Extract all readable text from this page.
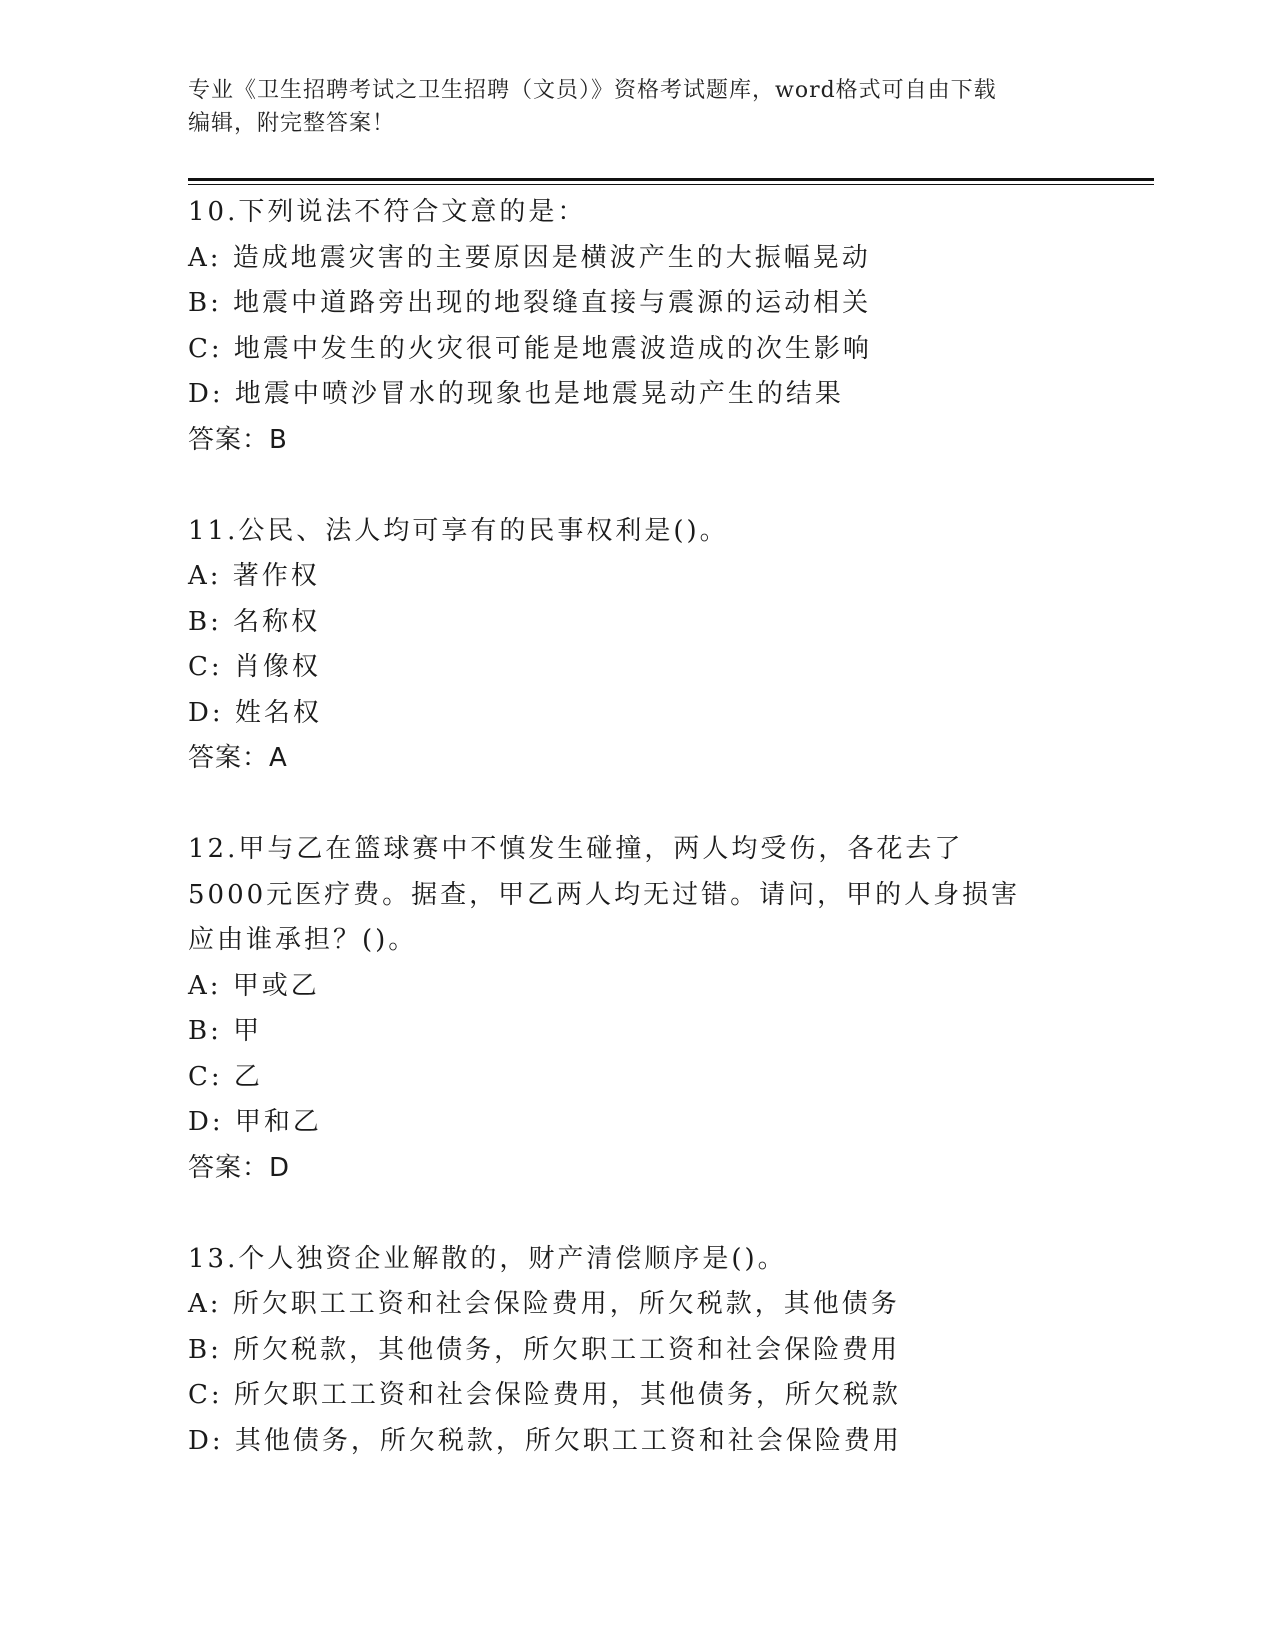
专业《卫生招聘考试之卫生招聘（文员）》资格考试题库，word格式可自由下载
编辑，附完整答案！

10.下列说法不符合文意的是：

A: 造成地震灾害的主要原因是横波产生的大振幅晃动

B: 地震中道路旁出现的地裂缝直接与震源的运动相关

C: 地震中发生的火灾很可能是地震波造成的次生影响

D: 地震中喷沙冒水的现象也是地震晃动产生的结果

答案：B

11.公民、法人均可享有的民事权利是()。

A: 著作权

B: 名称权

C: 肖像权

D: 姓名权

答案：A

12.甲与乙在篮球赛中不慎发生碰撞，两人均受伤，各花去了5000元医疗费。据查，甲乙两人均无过错。请问，甲的人身损害应由谁承担？()。

A: 甲或乙

B: 甲

C: 乙

D: 甲和乙

答案：D

13.个人独资企业解散的，财产清偿顺序是()。

A: 所欠职工工资和社会保险费用，所欠税款，其他债务

B: 所欠税款，其他债务，所欠职工工资和社会保险费用

C: 所欠职工工资和社会保险费用，其他债务，所欠税款

D: 其他债务，所欠税款，所欠职工工资和社会保险费用
